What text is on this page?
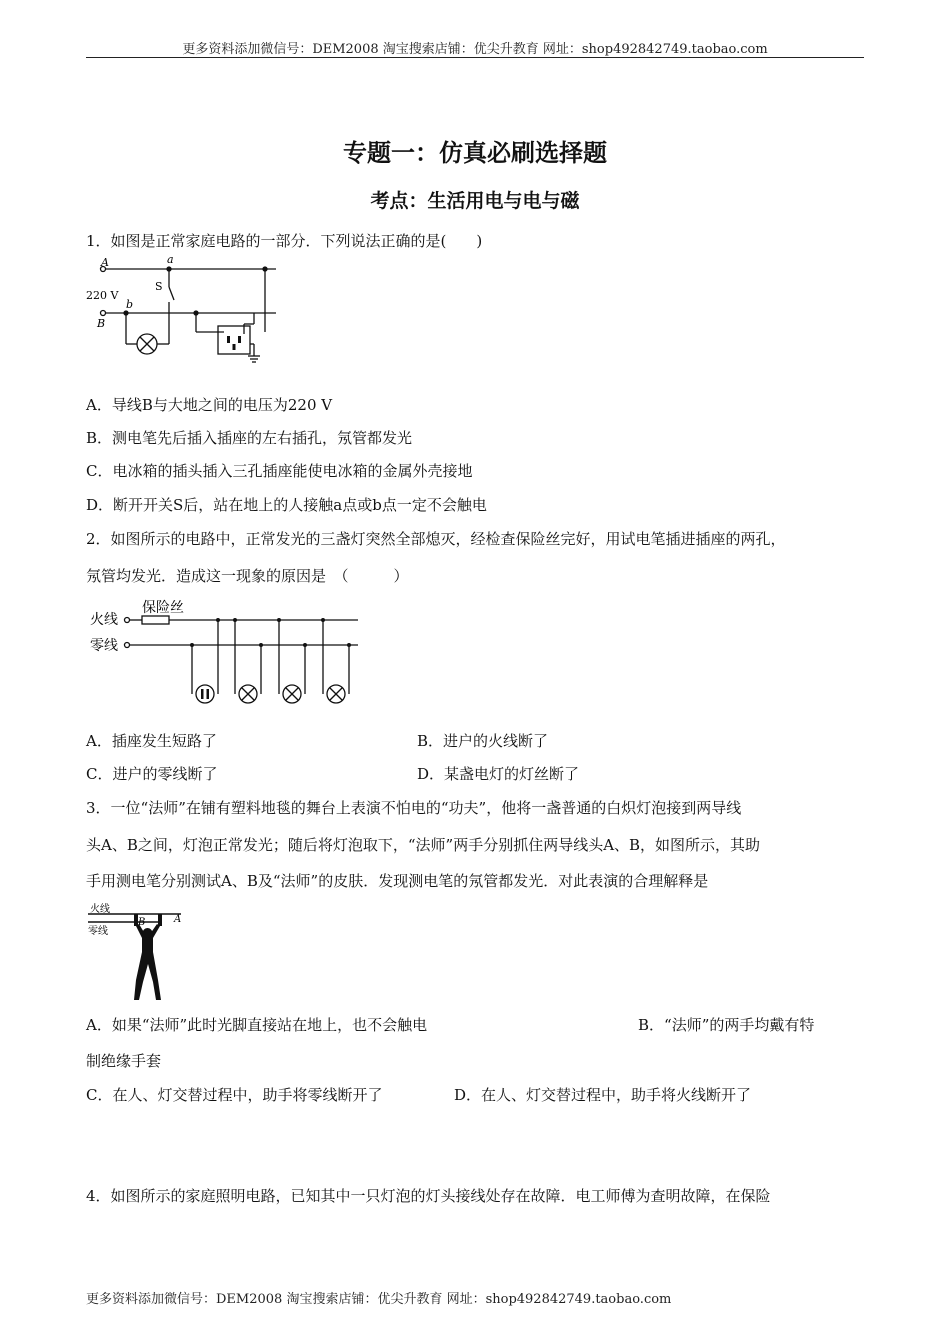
更多资料添加微信号：DEM2008 淘宝搜索店铺：优尖升教育 网址：shop492842749.taobao.com
专题一：仿真必刷选择题
考点：生活用电与电与磁
1．如图是正常家庭电路的一部分．下列说法正确的是(　　)
A	a
S
220 V
b
B
A．导线B与大地之间的电压为220 V
B．测电笔先后插入插座的左右插孔，氖管都发光
C．电冰箱的插头插入三孔插座能使电冰箱的金属外壳接地
D．断开开关S后，站在地上的人接触a点或b点一定不会触电
2．如图所示的电路中，正常发光的三盏灯突然全部熄灭，经检查保险丝完好，用试电笔插进插座的两孔，
氖管均发光．造成这一现象的原因是　（　　　）
火线
保险丝
零线
A．插座发生短路了	B．进户的火线断了
C．进户的零线断了	D．某盏电灯的灯丝断了
3．一位“法师”在铺有塑料地毯的舞台上表演不怕电的“功夫”，他将一盏普通的白炽灯泡接到两导线
头A、B之间，灯泡正常发光；随后将灯泡取下，“法师”两手分别抓住两导线头A、B，如图所示，其助
手用测电笔分别测试A、B及“法师”的皮肤．发现测电笔的氖管都发光．对此表演的合理解释是
火线
零线
B	A
A．如果“法师”此时光脚直接站在地上，也不会触电	B．“法师”的两手均戴有特
制绝缘手套
C．在人、灯交替过程中，助手将零线断开了	D．在人、灯交替过程中，助手将火线断开了
4．如图所示的家庭照明电路，已知其中一只灯泡的灯头接线处存在故障．电工师傅为查明故障，在保险
更多资料添加微信号：DEM2008 淘宝搜索店铺：优尖升教育 网址：shop492842749.taobao.com
